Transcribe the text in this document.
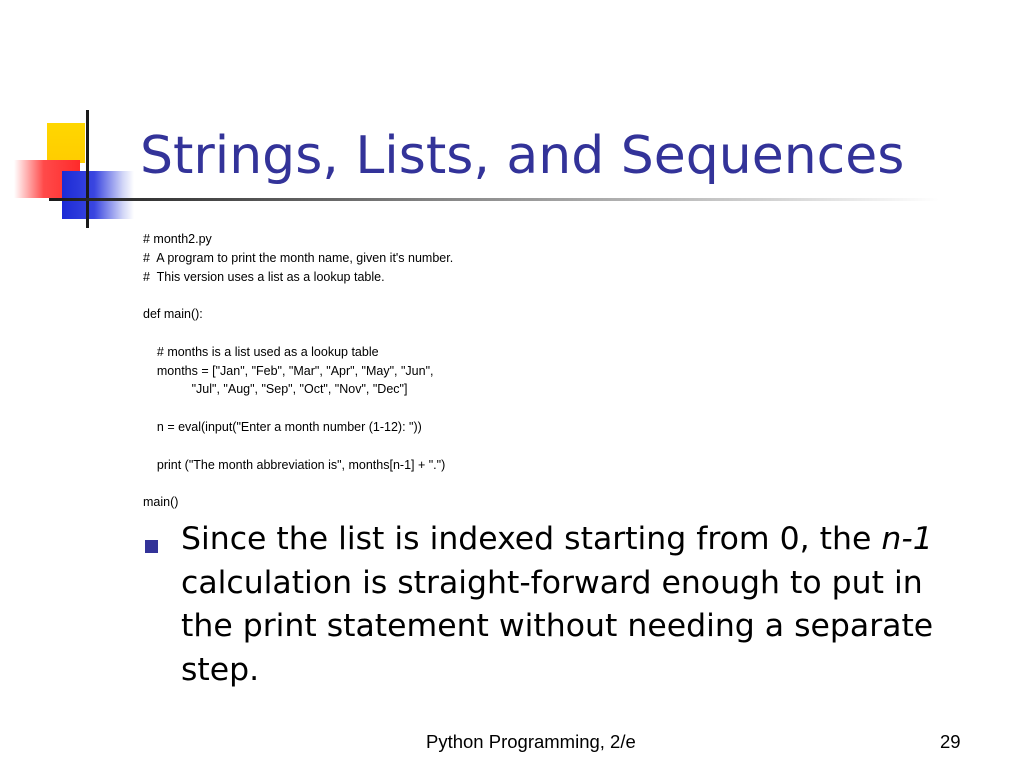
Strings, Lists, and Sequences
# month2.py
#  A program to print the month name, given it's number.
#  This version uses a list as a lookup table.
def main():
# months is a list used as a lookup table
months = ["Jan", "Feb", "Mar", "Apr", "May", "Jun",
"Jul", "Aug", "Sep", "Oct", "Nov", "Dec"]
n = eval(input("Enter a month number (1-12): "))
print ("The month abbreviation is", months[n-1] + ".")
main()
Since the list is indexed starting from 0, the n-1 calculation is straight-forward enough to put in the print statement without needing a separate step.
Python Programming, 2/e	29
